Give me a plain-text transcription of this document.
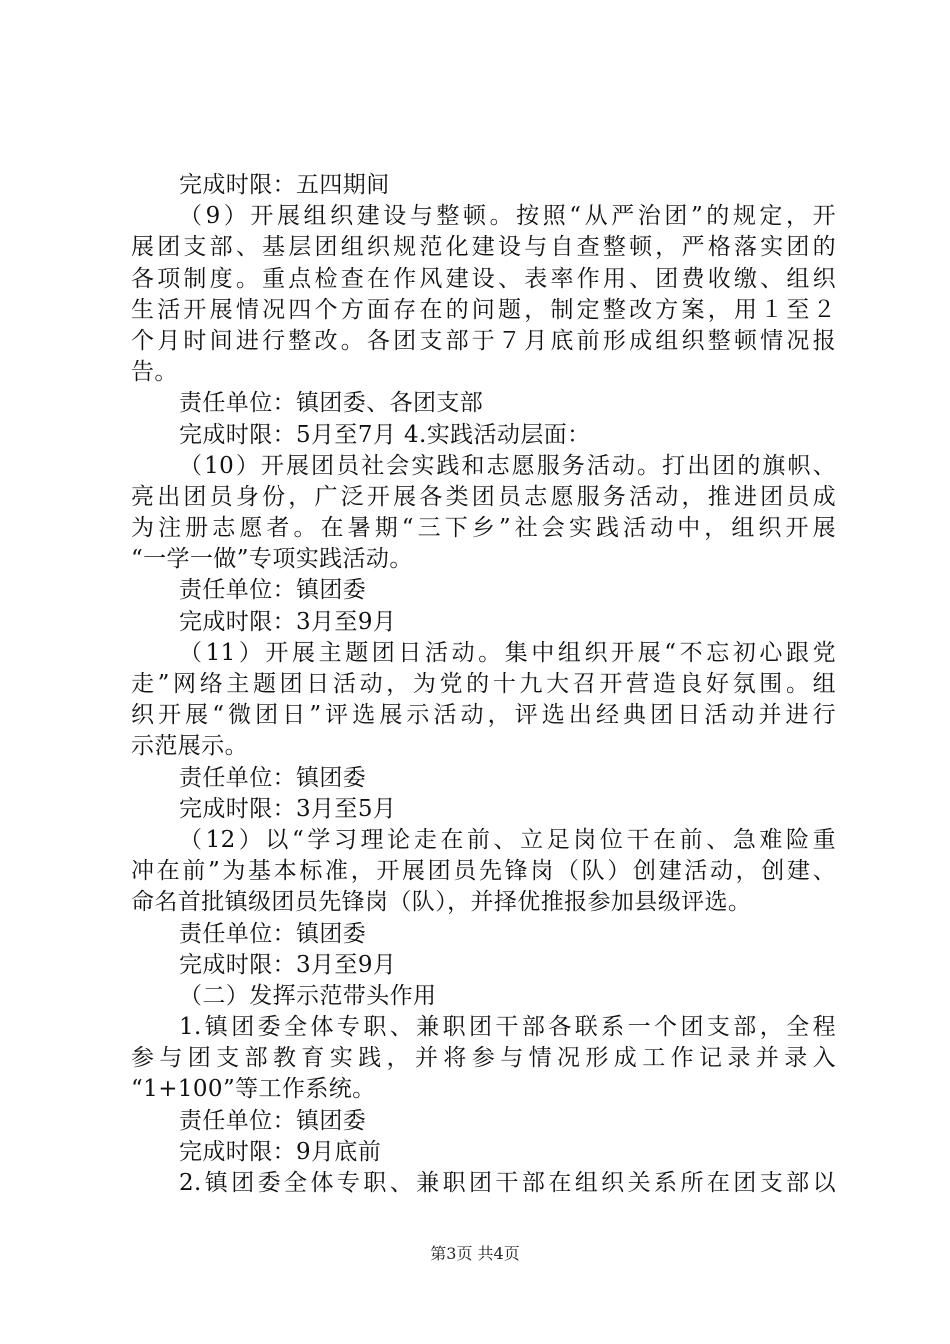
完成时限：五四期间
（9）开展组织建设与整顿。按照“从严治团”的规定，开
展团支部、基层团组织规范化建设与自查整顿，严格落实团的
各项制度。重点检查在作风建设、表率作用、团费收缴、组织
生活开展情况四个方面存在的问题，制定整改方案，用１至２
个月时间进行整改。各团支部于７月底前形成组织整顿情况报
告。
责任单位：镇团委、各团支部
完成时限：5月至7月 4.实践活动层面：
（10）开展团员社会实践和志愿服务活动。打出团的旗帜、
亮出团员身份，广泛开展各类团员志愿服务活动，推进团员成
为注册志愿者。在暑期“三下乡”社会实践活动中，组织开展
“一学一做”专项实践活动。
责任单位：镇团委
完成时限：3月至9月
（11）开展主题团日活动。集中组织开展“不忘初心跟党
走”网络主题团日活动，为党的十九大召开营造良好氛围。组
织开展“微团日”评选展示活动，评选出经典团日活动并进行
示范展示。
责任单位：镇团委
完成时限：3月至5月
（12）以“学习理论走在前、立足岗位干在前、急难险重
冲在前”为基本标准，开展团员先锋岗（队）创建活动，创建、
命名首批镇级团员先锋岗（队），并择优推报参加县级评选。
责任单位：镇团委
完成时限：3月至9月
（二）发挥示范带头作用
1.镇团委全体专职、兼职团干部各联系一个团支部，全程
参与团支部教育实践，并将参与情况形成工作记录并录入
“1+100”等工作系统。
责任单位：镇团委
完成时限：9月底前
2.镇团委全体专职、兼职团干部在组织关系所在团支部以
第3页 共4页
